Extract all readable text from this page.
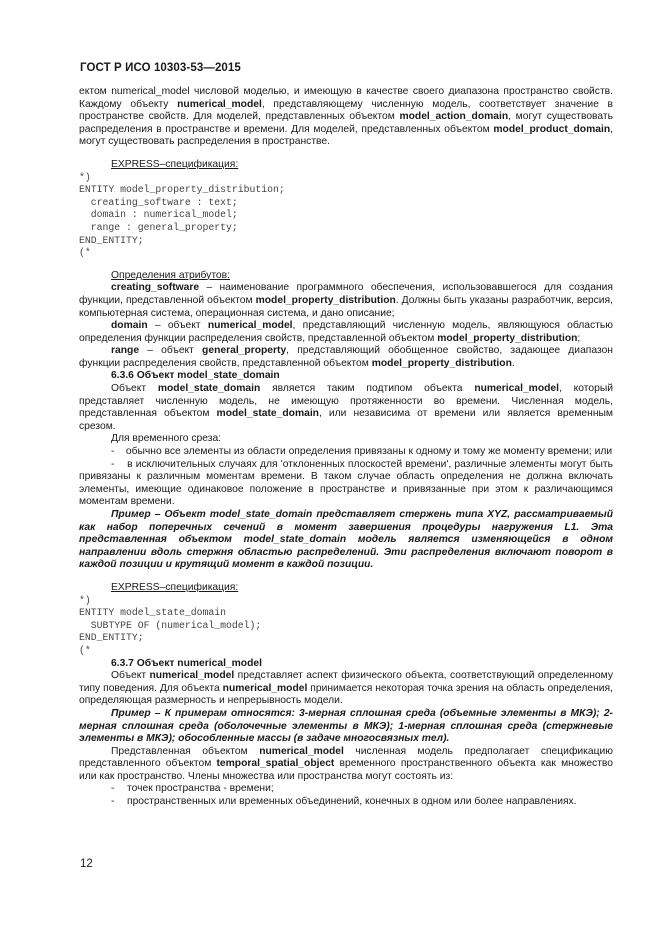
ГОСТ Р ИСО 10303-53—2015

ектом numerical_model числовой моделью, и имеющую в качестве своего диапазона пространство свойств. Каждому объекту numerical_model, представляющему численную модель, соответствует значение в пространстве свойств. Для моделей, представленных объектом model_action_domain, могут существовать распределения в пространстве и времени. Для моделей, представленных объектом model_product_domain, могут существовать распределения в пространстве.

EXPRESS–спецификация:

*)
ENTITY model_property_distribution;
creating_software : text;
domain : numerical_model;
range : general_property;
END_ENTITY;
(*

Определения атрибутов:

creating_software – наименование программного обеспечения, использовавшегося для создания функции, представленной объектом model_property_distribution. Должны быть указаны разработчик, версия, компьютерная система, операционная система, и дано описание;

domain – объект numerical_model, представляющий численную модель, являющуюся областью определения функции распределения свойств, представленной объектом model_property_distribution;

range – объект general_property, представляющий обобщенное свойство, задающее диапазон функции распределения свойств, представленной объектом model_property_distribution.

6.3.6 Объект model_state_domain

Объект model_state_domain является таким подтипом объекта numerical_model, который представляет численную модель, не имеющую протяженности во времени. Численная модель, представленная объектом model_state_domain, или независима от времени или является временным срезом.

Для временного среза:

-    обычно все элементы из области определения привязаны к одному и тому же моменту времени; или

-    в исключительных случаях для 'отклоненных плоскостей времени', различные элементы могут быть привязаны к различным моментам времени. В таком случае область определения не должна включать элементы, имеющие одинаковое положение в пространстве и привязанные при этом к различающимся моментам времени.

Пример – Объект model_state_domain представляет стержень типа XYZ, рассматриваемый как набор поперечных сечений в момент завершения процедуры нагружения L1. Эта представленная объектом model_state_domain модель является изменяющейся в одном направлении вдоль стержня областью распределений. Эти распределения включают поворот в каждой позиции и крутящий момент в каждой позиции.

EXPRESS–спецификация:

*)
ENTITY model_state_domain
SUBTYPE OF (numerical_model);
END_ENTITY;
(*

6.3.7 Объект numerical_model

Объект numerical_model представляет аспект физического объекта, соответствующий определенному типу поведения. Для объекта numerical_model принимается некоторая точка зрения на область определения, определяющая размерность и непрерывность модели.

Пример – К примерам относятся: 3-мерная сплошная среда (объемные элементы в МКЭ); 2-мерная сплошная среда (оболочечные элементы в МКЭ); 1-мерная сплошная среда (стержневые элементы в МКЭ); обособленные массы (в задаче многосвязных тел).

Представленная объектом numerical_model численная модель предполагает спецификацию представленного объектом temporal_spatial_object временного пространственного объекта как множество или как пространство. Члены множества или пространства могут состоять из:

- точек пространства - времени;

- пространственных или временных объединений, конечных в одном или более направлениях.

12
